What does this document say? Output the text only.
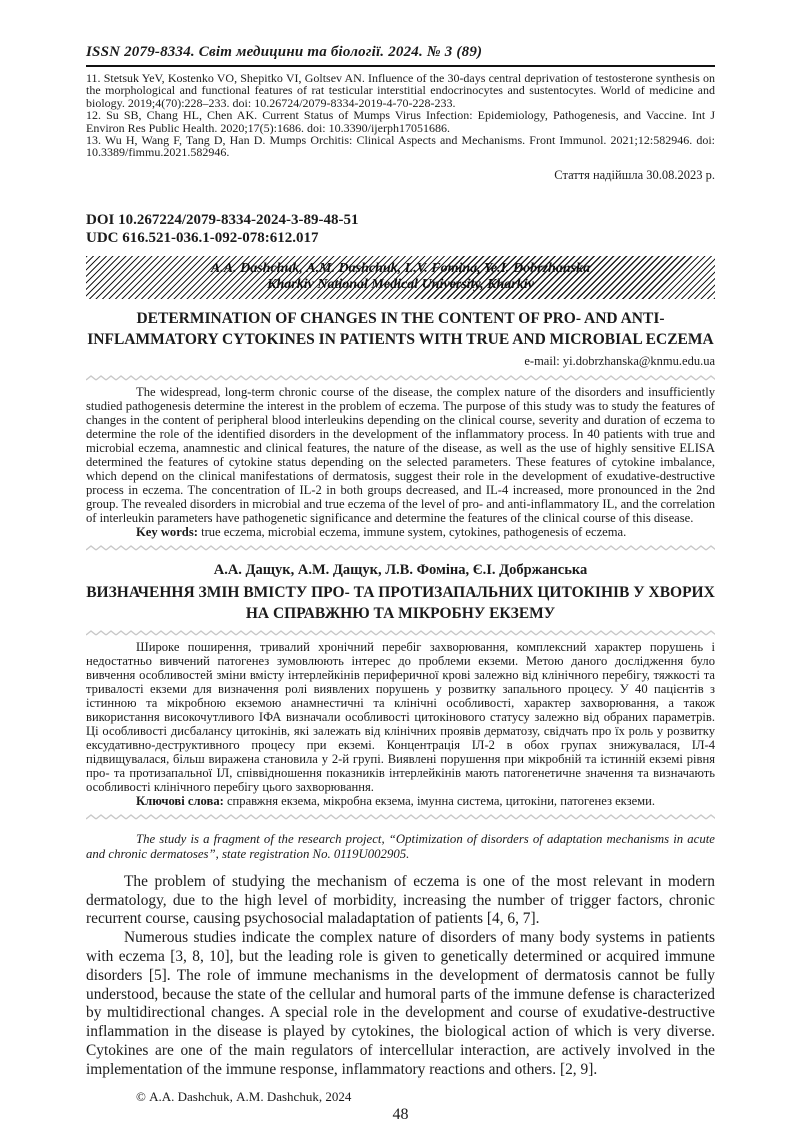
ISSN 2079-8334. Світ медицини та біології. 2024. № 3 (89)

11. Stetsuk YeV, Kostenko VO, Shepitko VI, Goltsev AN. Influence of the 30-days central deprivation of testosterone synthesis on the morphological and functional features of rat testicular interstitial endocrinocytes and sustentocytes. World of medicine and biology. 2019;4(70):228–233. doi: 10.26724/2079-8334-2019-4-70-228-233.

12. Su SB, Chang HL, Chen AK. Current Status of Mumps Virus Infection: Epidemiology, Pathogenesis, and Vaccine. Int J Environ Res Public Health. 2020;17(5):1686. doi: 10.3390/ijerph17051686.

13. Wu H, Wang F, Tang D, Han D. Mumps Orchitis: Clinical Aspects and Mechanisms. Front Immunol. 2021;12:582946. doi: 10.3389/fimmu.2021.582946.

Стаття надійшла 30.08.2023 р.
DOI 10.267224/2079-8334-2024-3-89-48-51
UDC 616.521-036.1-092-078:612.017
А.А. Dashchuk, А.М. Dashchuk, L.V. Fomina, Ye.I. Dobrzhanska
Kharkiv National Medical University, Kharkiv
DETERMINATION OF CHANGES IN THE CONTENT OF PRO- AND ANTI-INFLAMMATORY CYTOKINES IN PATIENTS WITH TRUE AND MICROBIAL ECZEMA
e-mail: yi.dobrzhanska@knmu.edu.ua

The widespread, long-term chronic course of the disease, the complex nature of the disorders and insufficiently studied pathogenesis determine the interest in the problem of eczema. The purpose of this study was to study the features of changes in the content of peripheral blood interleukins depending on the clinical course, severity and duration of eczema to determine the role of the identified disorders in the development of the inflammatory process. In 40 patients with true and microbial eczema, anamnestic and clinical features, the nature of the disease, as well as the use of highly sensitive ELISA determined the features of cytokine status depending on the selected parameters. These features of cytokine imbalance, which depend on the clinical manifestations of dermatosis, suggest their role in the development of exudative-destructive process in eczema. The concentration of IL-2 in both groups decreased, and IL-4 increased, more pronounced in the 2nd group. The revealed disorders in microbial and true eczema of the level of pro- and anti-inflammatory IL, and the correlation of interleukin parameters have pathogenetic significance and determine the features of the clinical course of this disease.

Key words: true eczema, microbial eczema, immune system, cytokines, pathogenesis of eczema.

А.А. Дащук, А.М. Дащук, Л.В. Фоміна, Є.І. Добржанська
ВИЗНАЧЕННЯ ЗМІН ВМІСТУ ПРО- ТА ПРОТИЗАПАЛЬНИХ ЦИТОКІНІВ У ХВОРИХ НА СПРАВЖНЮ ТА МІКРОБНУ ЕКЗЕМУ

Широке поширення, тривалий хронічний перебіг захворювання, комплексний характер порушень і недостатньо вивчений патогенез зумовлюють інтерес до проблеми екземи. Метою даного дослідження було вивчення особливостей зміни вмісту інтерлейкінів периферичної крові залежно від клінічного перебігу, тяжкості та тривалості екземи для визначення ролі виявлених порушень у розвитку запального процесу. У 40 пацієнтів з істинною та мікробною екземою анамнестичні та клінічні особливості, характер захворювання, а також використання високочутливого ІФА визначали особливості цитокінового статусу залежно від обраних параметрів. Ці особливості дисбалансу цитокінів, які залежать від клінічних проявів дерматозу, свідчать про їх роль у розвитку ексудативно-деструктивного процесу при екземі. Концентрація ІЛ-2 в обох групах знижувалася, ІЛ-4 підвищувалася, більш виражена становила у 2-й групі. Виявлені порушення при мікробній та істинній екземі рівня про- та протизапальної ІЛ, співвідношення показників інтерлейкінів мають патогенетичне значення та визначають особливості клінічного перебігу цього захворювання.

Ключові слова: справжня екзема, мікробна екзема, імунна система, цитокіни, патогенез екземи.

The study is a fragment of the research project, “Optimization of disorders of adaptation mechanisms in acute and chronic dermatoses”, state registration No. 0119U002905.

The problem of studying the mechanism of eczema is one of the most relevant in modern dermatology, due to the high level of morbidity, increasing the number of trigger factors, chronic recurrent course, causing psychosocial maladaptation of patients [4, 6, 7].

Numerous studies indicate the complex nature of disorders of many body systems in patients with eczema [3, 8, 10], but the leading role is given to genetically determined or acquired immune disorders [5]. The role of immune mechanisms in the development of dermatosis cannot be fully understood, because the state of the cellular and humoral parts of the immune defense is characterized by multidirectional changes. A special role in the development and course of exudative-destructive inflammation in the disease is played by cytokines, the biological action of which is very diverse. Cytokines are one of the main regulators of intercellular interaction, are actively involved in the implementation of the immune response, inflammatory reactions and others. [2, 9].

© А.А. Dashchuk, А.М. Dashchuk, 2024
48
